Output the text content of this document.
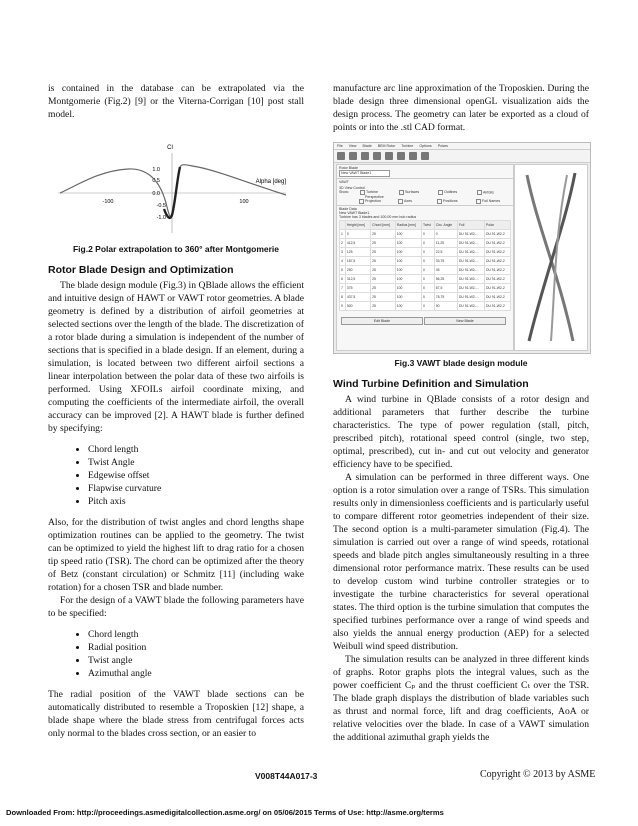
is contained in the database can be extrapolated via the Montgomerie (Fig.2) [9] or the Viterna-Corrigan [10] post stall model.

Cl
Alpha [deg]
1.0
0.5
0.0
-0.5
-1.0
-100	100
Fig.2 Polar extrapolation to 360° after Montgomerie
Rotor Blade Design and Optimization

The blade design module (Fig.3) in QBlade allows the efficient and intuitive design of HAWT or VAWT rotor geometries. A blade geometry is defined by a distribution of airfoil geometries at selected sections over the length of the blade. The discretization of a rotor blade during a simulation is independent of the number of sections that is specified in a blade design. If an element, during a simulation, is located between two different airfoil sections a linear interpolation between the polar data of these two airfoils is performed. Using XFOILs airfoil coordinate mixing, and computing the coefficients of the intermediate airfoil, the overall accuracy can be improved [2]. A HAWT blade is further defined by specifying:

• Chord length
• Twist Angle
• Edgewise offset
• Flapwise curvature
• Pitch axis

Also, for the distribution of twist angles and chord lengths shape optimization routines can be applied to the geometry. The twist can be optimized to yield the highest lift to drag ratio for a chosen tip speed ratio (TSR). The chord can be optimized after the theory of Betz (constant circulation) or Schmitz [11] (including wake rotation) for a chosen TSR and blade number.

For the design of a VAWT blade the following parameters have to be specified:

• Chord length
• Radial position
• Twist angle
• Azimuthal angle

The radial position of the VAWT blade sections can be automatically distributed to resemble a Troposkien [12] shape, a blade shape where the blade stress from centrifugal forces acts only normal to the blades cross section, or an easier to

manufacture arc line approximation of the Troposkien. During the blade design three dimensional openGL visualization aids the design process. The geometry can later be exported as a cloud of points or into the .stl CAD format.

File View Blade BEM Rotor Turbine Options Polars
Rotor Blade
New VAWT Blade1
VAWT
3D View Control
Show:	Turbine	Surfaces	Outlines	AirfoIls
Perspective Projection	Axes	Positions	Foil Names
Blade Data
New VAWT Blade1
Turbine has 3 blades and 100.00 mm hub radius
	Height [mm]	Chord [mm]	Radius [mm]	Twist	Circ. Angle	Foil	Polar
1	0	25	100	0	0	DU 91-W2-...	DU 91-W2-2
2	412,5	25	100	0	11,25	DU 91-W2-...	DU 91-W2-2
3	125	25	100	0	22,5	DU 91-W2-...	DU 91-W2-2
4	187,5	25	100	0	33,75	DU 91-W2-...	DU 91-W2-2
5	250	25	100	0	45	DU 91-W2-...	DU 91-W2-2
6	312,5	25	100	0	56,25	DU 91-W2-...	DU 91-W2-2
7	375	25	100	0	67,5	DU 91-W2-...	DU 91-W2-2
8	437,5	25	100	0	78,75	DU 91-W2-...	DU 91-W2-2
9	500	25	100	0	90	DU 91-W2-...	DU 91-W2-2
Edit Blade	New Blade
Fig.3 VAWT blade design module
Wind Turbine Definition and Simulation

A wind turbine in QBlade consists of a rotor design and additional parameters that further describe the turbine characteristics. The type of power regulation (stall, pitch, prescribed pitch), rotational speed control (single, two step, optimal, prescribed), cut in- and cut out velocity and generator efficiency have to be specified.

A simulation can be performed in three different ways. One option is a rotor simulation over a range of TSRs. This simulation results only in dimensionless coefficients and is particularly useful to compare different rotor geometries independent of their size. The second option is a multi-parameter simulation (Fig.4). The simulation is carried out over a range of wind speeds, rotational speeds and blade pitch angles simultaneously resulting in a three dimensional rotor performance matrix. These results can be used to develop custom wind turbine controller strategies or to investigate the turbine characteristics for several operational states. The third option is the turbine simulation that computes the specified turbines performance over a range of wind speeds and also yields the annual energy production (AEP) for a selected Weibull wind speed distribution.

The simulation results can be analyzed in three different kinds of graphs. Rotor graphs plots the integral values, such as the power coefficient Cₚ and the thrust coefficient Cₜ over the TSR. The blade graph displays the distribution of blade variables such as thrust and normal force, lift and drag coefficients, AoA or relative velocities over the blade. In case of a VAWT simulation the additional azimuthal graph yields the

V008T44A017-3	Copyright © 2013 by ASME
Downloaded From: http://proceedings.asmedigitalcollection.asme.org/ on 05/06/2015 Terms of Use: http://asme.org/terms
